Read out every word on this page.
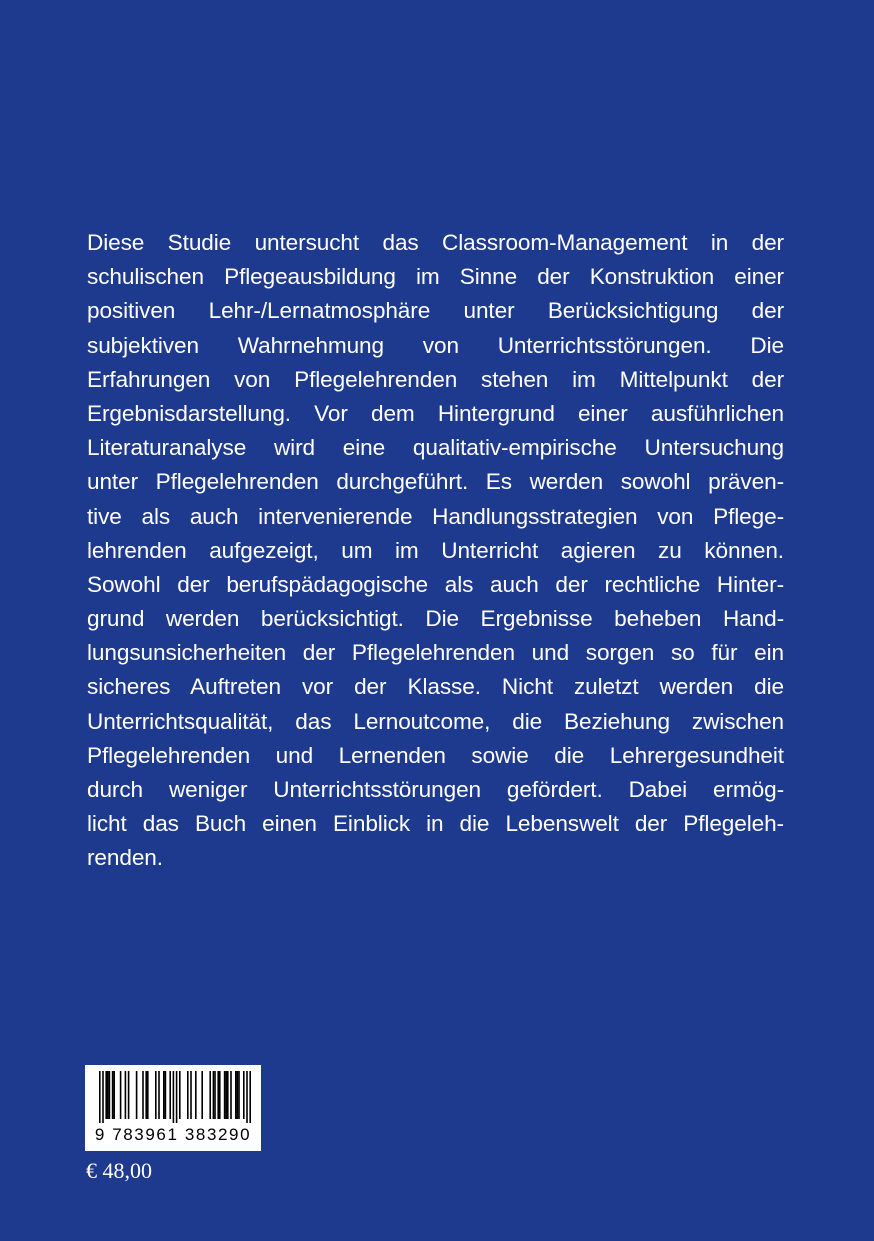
Diese Studie untersucht das Classroom-Management in der
schulischen Pflegeausbildung im Sinne der Konstruktion einer
positiven Lehr-/Lernatmosphäre unter Berücksichtigung der
subjektiven Wahrnehmung von Unterrichtsstörungen. Die
Erfahrungen von Pflegelehrenden stehen im Mittelpunkt der
Ergebnisdarstellung. Vor dem Hintergrund einer ausführlichen
Literaturanalyse wird eine qualitativ-empirische Untersuchung
unter Pflegelehrenden durchgeführt. Es werden sowohl präven-
tive als auch intervenierende Handlungsstrategien von Pflege-
lehrenden aufgezeigt, um im Unterricht agieren zu können.
Sowohl der berufspädagogische als auch der rechtliche Hinter-
grund werden berücksichtigt. Die Ergebnisse beheben Hand-
lungsunsicherheiten der Pflegelehrenden und sorgen so für ein
sicheres Auftreten vor der Klasse. Nicht zuletzt werden die
Unterrichtsqualität, das Lernoutcome, die Beziehung zwischen
Pflegelehrenden und Lernenden sowie die Lehrergesundheit
durch weniger Unterrichtsstörungen gefördert. Dabei ermög-
licht das Buch einen Einblick in die Lebenswelt der Pflegeleh-
renden.
9 783961 383290
€ 48,00
